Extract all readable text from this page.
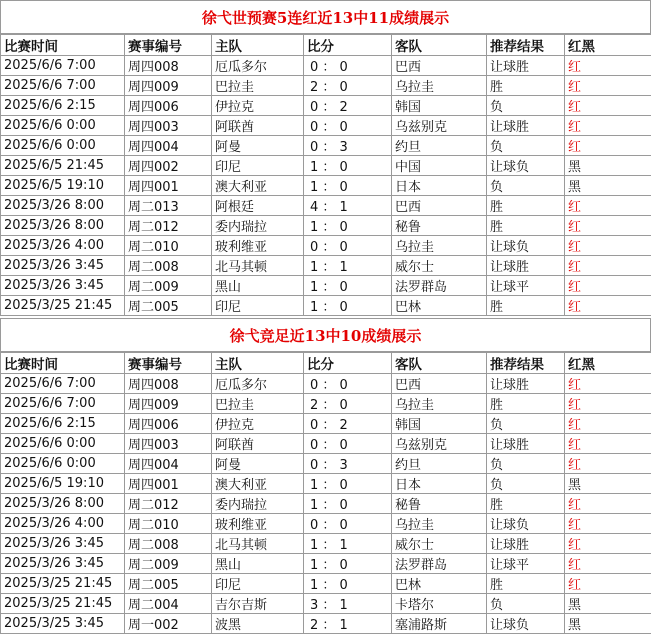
徐弋世预赛5连红近13中11成绩展示
比赛时间	赛事编号	主队	比分	客队	推荐结果	红黑
2025/6/6 7:00	周四008	厄瓜多尔	0 ： 0	巴西	让球胜	红
2025/6/6 7:00	周四009	巴拉圭	2 ： 0	乌拉圭	胜	红
2025/6/6 2:15	周四006	伊拉克	0 ： 2	韩国	负	红
2025/6/6 0:00	周四003	阿联酋	0 ： 0	乌兹别克	让球胜	红
2025/6/6 0:00	周四004	阿曼	0 ： 3	约旦	负	红
2025/6/5 21:45	周四002	印尼	1 ： 0	中国	让球负	黑
2025/6/5 19:10	周四001	澳大利亚	1 ： 0	日本	负	黑
2025/3/26 8:00	周二013	阿根廷	4 ： 1	巴西	胜	红
2025/3/26 8:00	周二012	委内瑞拉	1 ： 0	秘鲁	胜	红
2025/3/26 4:00	周二010	玻利维亚	0 ： 0	乌拉圭	让球负	红
2025/3/26 3:45	周二008	北马其顿	1 ： 1	威尔士	让球胜	红
2025/3/26 3:45	周二009	黑山	1 ： 0	法罗群岛	让球平	红
2025/3/25 21:45	周二005	印尼	1 ： 0	巴林	胜	红
徐弋竞足近13中10成绩展示
比赛时间	赛事编号	主队	比分	客队	推荐结果	红黑
2025/6/6 7:00	周四008	厄瓜多尔	0 ： 0	巴西	让球胜	红
2025/6/6 7:00	周四009	巴拉圭	2 ： 0	乌拉圭	胜	红
2025/6/6 2:15	周四006	伊拉克	0 ： 2	韩国	负	红
2025/6/6 0:00	周四003	阿联酋	0 ： 0	乌兹别克	让球胜	红
2025/6/6 0:00	周四004	阿曼	0 ： 3	约旦	负	红
2025/6/5 19:10	周四001	澳大利亚	1 ： 0	日本	负	黑
2025/3/26 8:00	周二012	委内瑞拉	1 ： 0	秘鲁	胜	红
2025/3/26 4:00	周二010	玻利维亚	0 ： 0	乌拉圭	让球负	红
2025/3/26 3:45	周二008	北马其顿	1 ： 1	威尔士	让球胜	红
2025/3/26 3:45	周二009	黑山	1 ： 0	法罗群岛	让球平	红
2025/3/25 21:45	周二005	印尼	1 ： 0	巴林	胜	红
2025/3/25 21:45	周二004	吉尔吉斯	3 ： 1	卡塔尔	负	黑
2025/3/25 3:45	周一002	波黑	2 ： 1	塞浦路斯	让球负	黑
